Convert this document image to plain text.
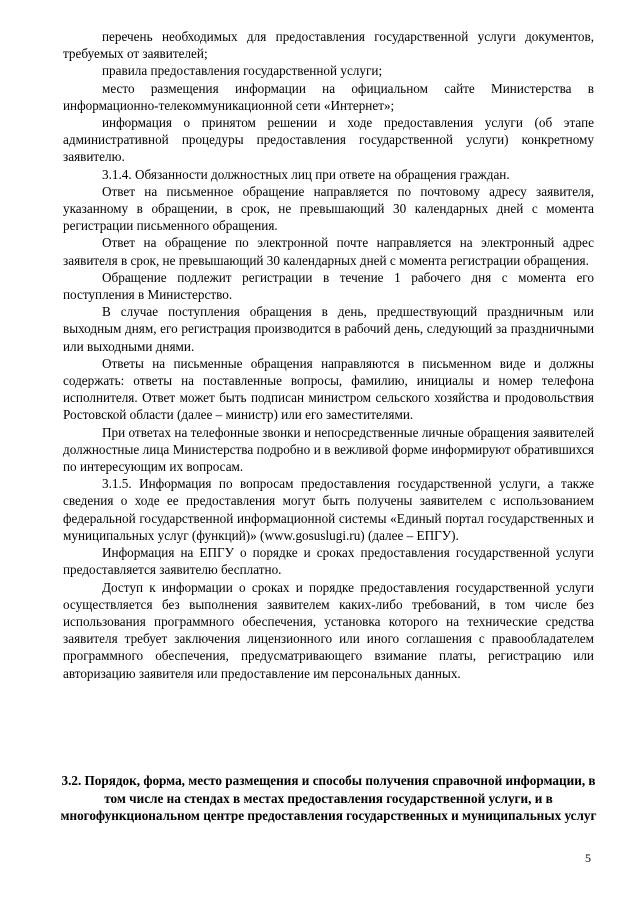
перечень необходимых для предоставления государственной услуги документов, требуемых от заявителей;

правила предоставления государственной услуги;

место размещения информации на официальном сайте Министерства в информационно-телекоммуникационной сети «Интернет»;

информация о принятом решении и ходе предоставления услуги (об этапе административной процедуры предоставления государственной услуги) конкретному заявителю.

3.1.4. Обязанности должностных лиц при ответе на обращения граждан.

Ответ на письменное обращение направляется по почтовому адресу заявителя, указанному в обращении, в срок, не превышающий 30 календарных дней с момента регистрации письменного обращения.

Ответ на обращение по электронной почте направляется на электронный адрес заявителя в срок, не превышающий 30 календарных дней с момента регистрации обращения.

Обращение подлежит регистрации в течение 1 рабочего дня с момента его поступления в Министерство.

В случае поступления обращения в день, предшествующий праздничным или выходным дням, его регистрация производится в рабочий день, следующий за праздничными или выходными днями.

Ответы на письменные обращения направляются в письменном виде и должны содержать: ответы на поставленные вопросы, фамилию, инициалы и номер телефона исполнителя. Ответ может быть подписан министром сельского хозяйства и продовольствия Ростовской области (далее – министр) или его заместителями.

При ответах на телефонные звонки и непосредственные личные обращения заявителей должностные лица Министерства подробно и в вежливой форме информируют обратившихся по интересующим их вопросам.

3.1.5. Информация по вопросам предоставления государственной услуги, а также сведения о ходе ее предоставления могут быть получены заявителем с использованием федеральной государственной информационной системы «Единый портал государственных и муниципальных услуг (функций)» (www.gosuslugi.ru) (далее – ЕПГУ).

Информация на ЕПГУ о порядке и сроках предоставления государственной услуги предоставляется заявителю бесплатно.

Доступ к информации о сроках и порядке предоставления государственной услуги осуществляется без выполнения заявителем каких-либо требований, в том числе без использования программного обеспечения, установка которого на технические средства заявителя требует заключения лицензионного или иного соглашения с правообладателем программного обеспечения, предусматривающего взимание платы, регистрацию или авторизацию заявителя или предоставление им персональных данных.

3.2. Порядок, форма, место размещения и способы получения справочной информации, в том числе на стендах в местах предоставления государственной услуги, и в многофункциональном центре предоставления государственных и муниципальных услуг

5
